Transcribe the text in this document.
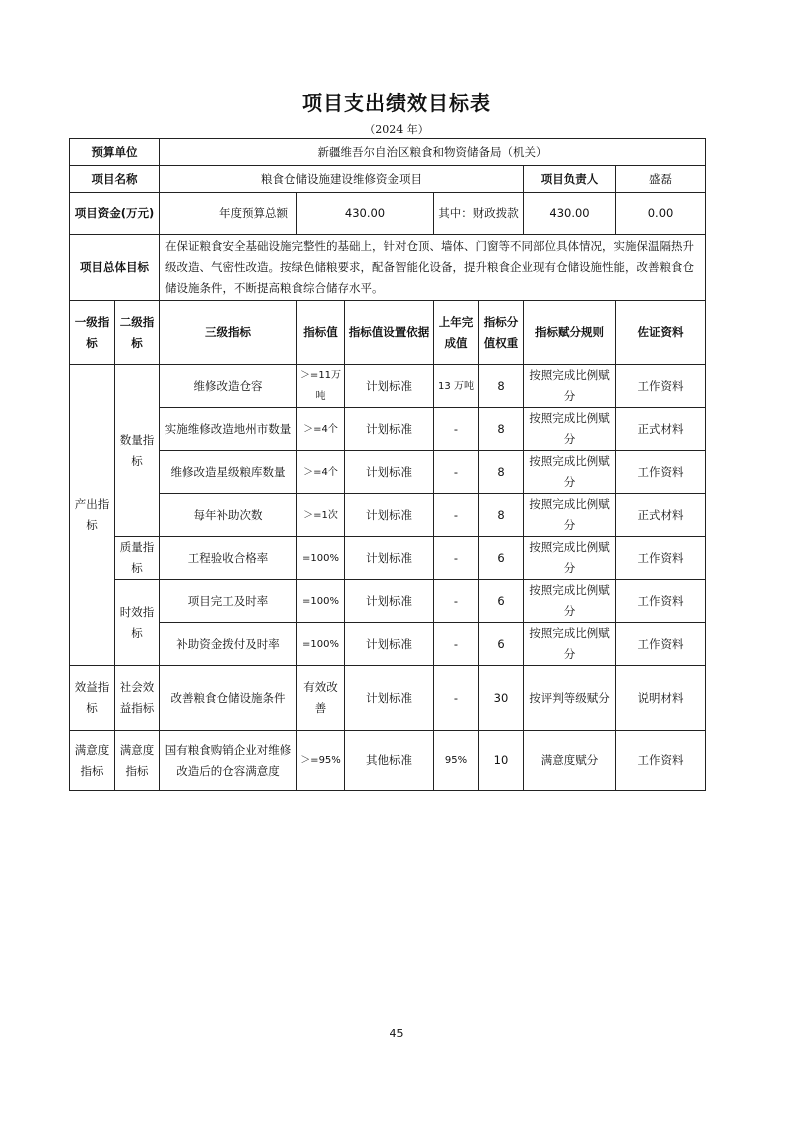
项目支出绩效目标表
（2024 年）
预算单位		新疆维吾尔自治区粮食和物资储备局（机关）						
项目名称		粮食仓储设施建设维修资金项目					项目负责人	盛磊
项目资金(万元)		年度预算总额	430.00		其中：财政拨款		430.00	0.00
项目总体目标		在保证粮食安全基础设施完整性的基础上，针对仓顶、墙体、门窗等不同部位具体情况，实施保温隔热升级改造、气密性改造。按绿色储粮要求，配备智能化设备，提升粮食企业现有仓储设施性能，改善粮食仓储设施条件，不断提高粮食综合储存水平。						
一级指标	二级指标	三级指标	指标值	指标值设置依据	上年完成值	指标分值权重	指标赋分规则	佐证资料
产出指标	数量指标	维修改造仓容	＞=11万吨	计划标准	13 万吨	8	按照完成比例赋分	工作资料
		实施维修改造地州市数量	＞=4个	计划标准	-	8	按照完成比例赋分	正式材料
		维修改造星级粮库数量	＞=4个	计划标准	-	8	按照完成比例赋分	工作资料
		每年补助次数	＞=1次	计划标准	-	8	按照完成比例赋分	正式材料
	质量指标	工程验收合格率	=100%	计划标准	-	6	按照完成比例赋分	工作资料
	时效指标	项目完工及时率	=100%	计划标准	-	6	按照完成比例赋分	工作资料
		补助资金拨付及时率	=100%	计划标准	-	6	按照完成比例赋分	工作资料
效益指标	社会效益指标	改善粮食仓储设施条件	有效改善	计划标准	-	30	按评判等级赋分	说明材料
满意度指标	满意度指标	国有粮食购销企业对维修改造后的仓容满意度	＞=95%	其他标准	95%	10	满意度赋分	工作资料
45
